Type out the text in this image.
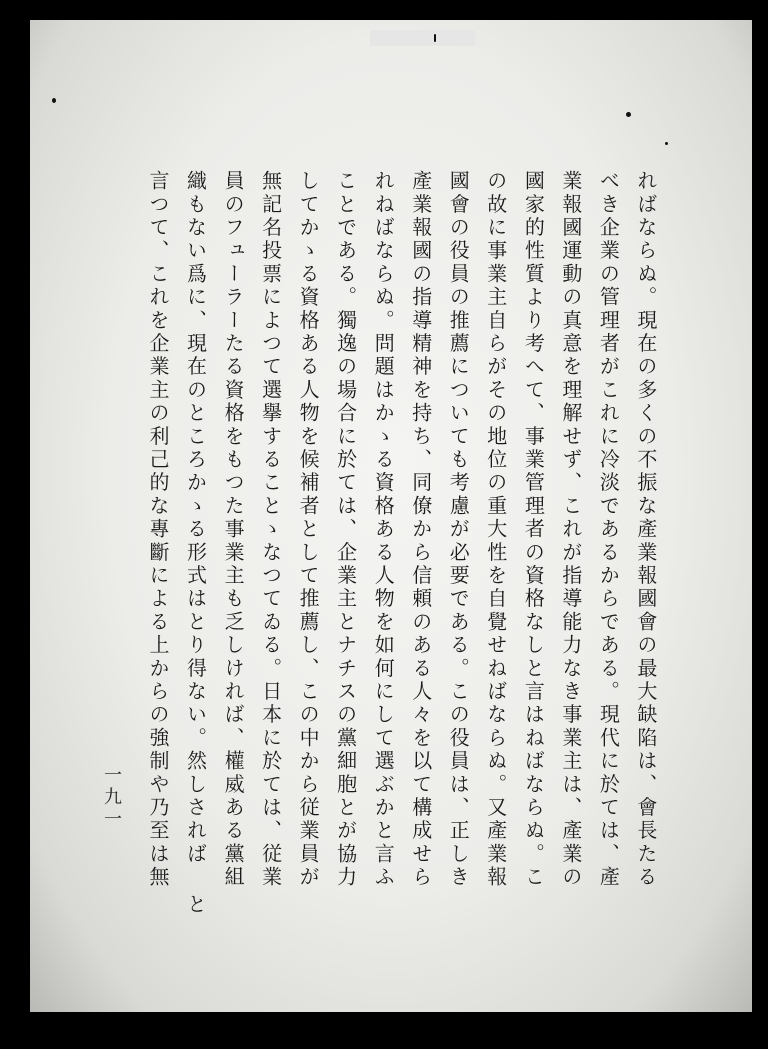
ればならぬ。現在の多くの不振な產業報國會の最大缺陷は、會長たる
べき企業の管理者がこれに冷淡であるからである。現代に於ては、產
業報國運動の真意を理解せず、これが指導能力なき事業主は、產業の
國家的性質より考へて、事業管理者の資格なしと言はねばならぬ。こ
の故に事業主自らがその地位の重大性を自覺せねばならぬ。又產業報
國會の役員の推薦についても考慮が必要である。この役員は、正しき
產業報國の指導精神を持ち、同僚から信頼のある人々を以て構成せら
れねばならぬ。問題はかゝる資格ある人物を如何にして選ぶかと言ふ
ことである。獨逸の場合に於ては、企業主とナチスの黨細胞とが協力
してかゝる資格ある人物を候補者として推薦し、この中から従業員が
無記名投票によつて選擧することゝなつてゐる。日本に於ては、従業
員のフューラーたる資格をもつた事業主も乏しければ、權威ある黨組
織もない爲に、現在のところかゝる形式はとり得ない。然しされば と
言つて、これを企業主の利己的な專斷による上からの強制や乃至は無
一九一
